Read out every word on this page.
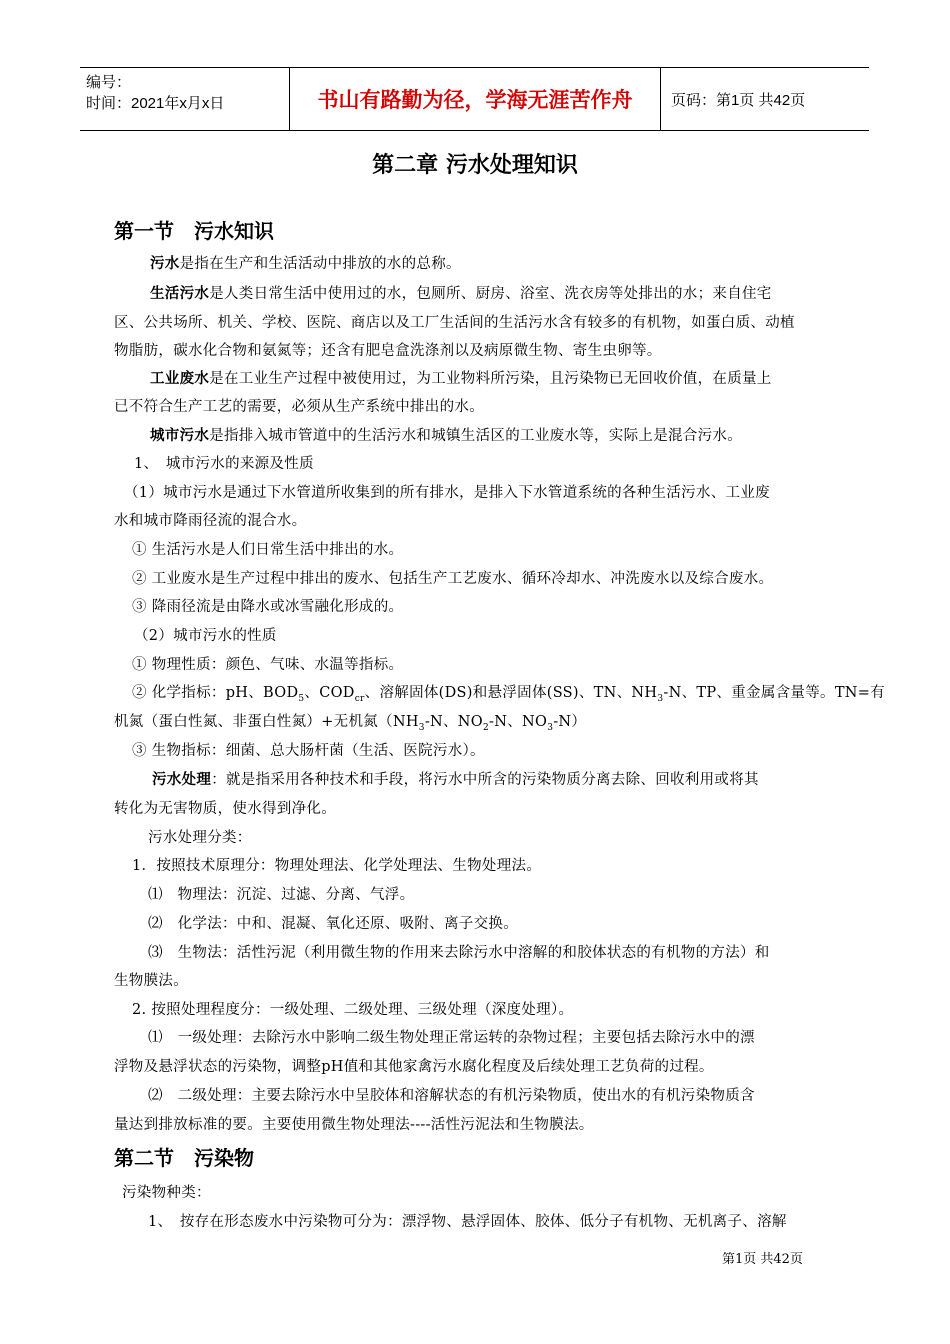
编号：
时间：2021年x月x日	书山有路勤为径，学海无涯苦作舟	页码：第1页 共42页
第二章 污水处理知识
第一节　污水知识
污水是指在生产和生活活动中排放的水的总称。
生活污水是人类日常生活中使用过的水，包厕所、厨房、浴室、洗衣房等处排出的水；来自住宅
区、公共场所、机关、学校、医院、商店以及工厂生活间的生活污水含有较多的有机物，如蛋白质、动植
物脂肪，碳水化合物和氨氮等；还含有肥皂盒洗涤剂以及病原微生物、寄生虫卵等。
工业废水是在工业生产过程中被使用过，为工业物料所污染，且污染物已无回收价值，在质量上
已不符合生产工艺的需要，必须从生产系统中排出的水。
城市污水是指排入城市管道中的生活污水和城镇生活区的工业废水等，实际上是混合污水。
1、　城市污水的来源及性质
（1）城市污水是通过下水管道所收集到的所有排水，是排入下水管道系统的各种生活污水、工业废
水和城市降雨径流的混合水。
① 生活污水是人们日常生活中排出的水。
② 工业废水是生产过程中排出的废水、包括生产工艺废水、循环冷却水、冲洗废水以及综合废水。
③ 降雨径流是由降水或冰雪融化形成的。
（2）城市污水的性质
① 物理性质：颜色、气味、水温等指标。
② 化学指标：pH、$BOD_5$、$COD_{cr}$、溶解固体(DS)和悬浮固体(SS)、TN、$NH_3-N$、TP、重金属含量等。TN=有
机氮（蛋白性氮、非蛋白性氮）+无机氮（$NH_3-N$、$NO_2-N$、$NO_3-N$）
③ 生物指标：细菌、总大肠杆菌（生活、医院污水）。
污水处理：就是指采用各种技术和手段，将污水中所含的污染物质分离去除、回收利用或将其
转化为无害物质，使水得到净化。
污水处理分类：
1．按照技术原理分：物理处理法、化学处理法、生物处理法。
⑴　物理法：沉淀、过滤、分离、气浮。
⑵　化学法：中和、混凝、氧化还原、吸附、离子交换。
⑶　生物法：活性污泥（利用微生物的作用来去除污水中溶解的和胶体状态的有机物的方法）和
生物膜法。
2. 按照处理程度分：一级处理、二级处理、三级处理（深度处理）。
⑴　一级处理：去除污水中影响二级生物处理正常运转的杂物过程；主要包括去除污水中的漂
浮物及悬浮状态的污染物，调整pH值和其他家禽污水腐化程度及后续处理工艺负荷的过程。
⑵　二级处理：主要去除污水中呈胶体和溶解状态的有机污染物质，使出水的有机污染物质含
量达到排放标准的要。主要使用微生物处理法----活性污泥法和生物膜法。
第二节　污染物
污染物种类：
1、　按存在形态废水中污染物可分为：漂浮物、悬浮固体、胶体、低分子有机物、无机离子、溶解
第1页 共42页
